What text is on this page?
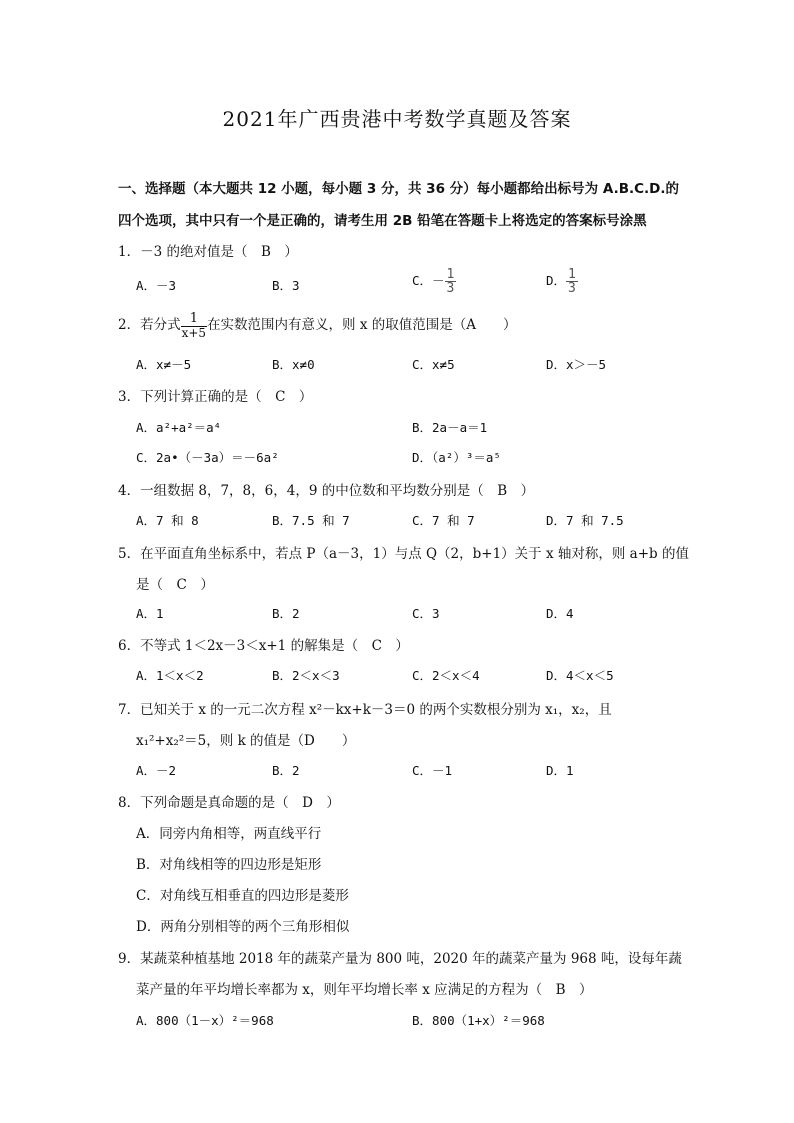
2021年广西贵港中考数学真题及答案
一、选择题（本大题共 12 小题，每小题 3 分，共 36 分）每小题都给出标号为 A.B.C.D.的
四个选项，其中只有一个是正确的，请考生用 2B 铅笔在答题卡上将选定的答案标号涂黑
1．－3 的绝对值是（　B　）
A．－3	B．3	C．－ $\frac{1}{3}$	D． $\frac{1}{3}$
2．若分式 $\frac{1}{x+5}$ 在实数范围内有意义，则 x 的取值范围是（A　　）
A．x≠－5	B．x≠0	C．x≠5	D．x＞－5
3．下列计算正确的是（　C　）
A．a²+a²＝a⁴	B．2a－a＝1
C．2a•（－3a）＝－6a²	D．（a²）³＝a⁵
4．一组数据 8，7，8，6，4，9 的中位数和平均数分别是（　B　）
A．7 和 8	B．7.5 和 7	C．7 和 7	D．7 和 7.5
5．在平面直角坐标系中，若点 P（a－3，1）与点 Q（2，b+1）关于 x 轴对称，则 a+b 的值
是（　C　）
A．1	B．2	C．3	D．4
6．不等式 1＜2x－3＜x+1 的解集是（　C　）
A．1＜x＜2	B．2＜x＜3	C．2＜x＜4	D．4＜x＜5
7．已知关于 x 的一元二次方程 x²－kx+k－3＝0 的两个实数根分别为 x₁，x₂，且
x₁²+x₂²＝5，则 k 的值是（D　　）
A．－2	B．2	C．－1	D．1
8．下列命题是真命题的是（　D　）
A．同旁内角相等，两直线平行
B．对角线相等的四边形是矩形
C．对角线互相垂直的四边形是菱形
D．两角分别相等的两个三角形相似
9．某蔬菜种植基地 2018 年的蔬菜产量为 800 吨，2020 年的蔬菜产量为 968 吨，设每年蔬
菜产量的年平均增长率都为 x，则年平均增长率 x 应满足的方程为（　B　）
A．800（1－x）²＝968	B．800（1+x）²＝968
